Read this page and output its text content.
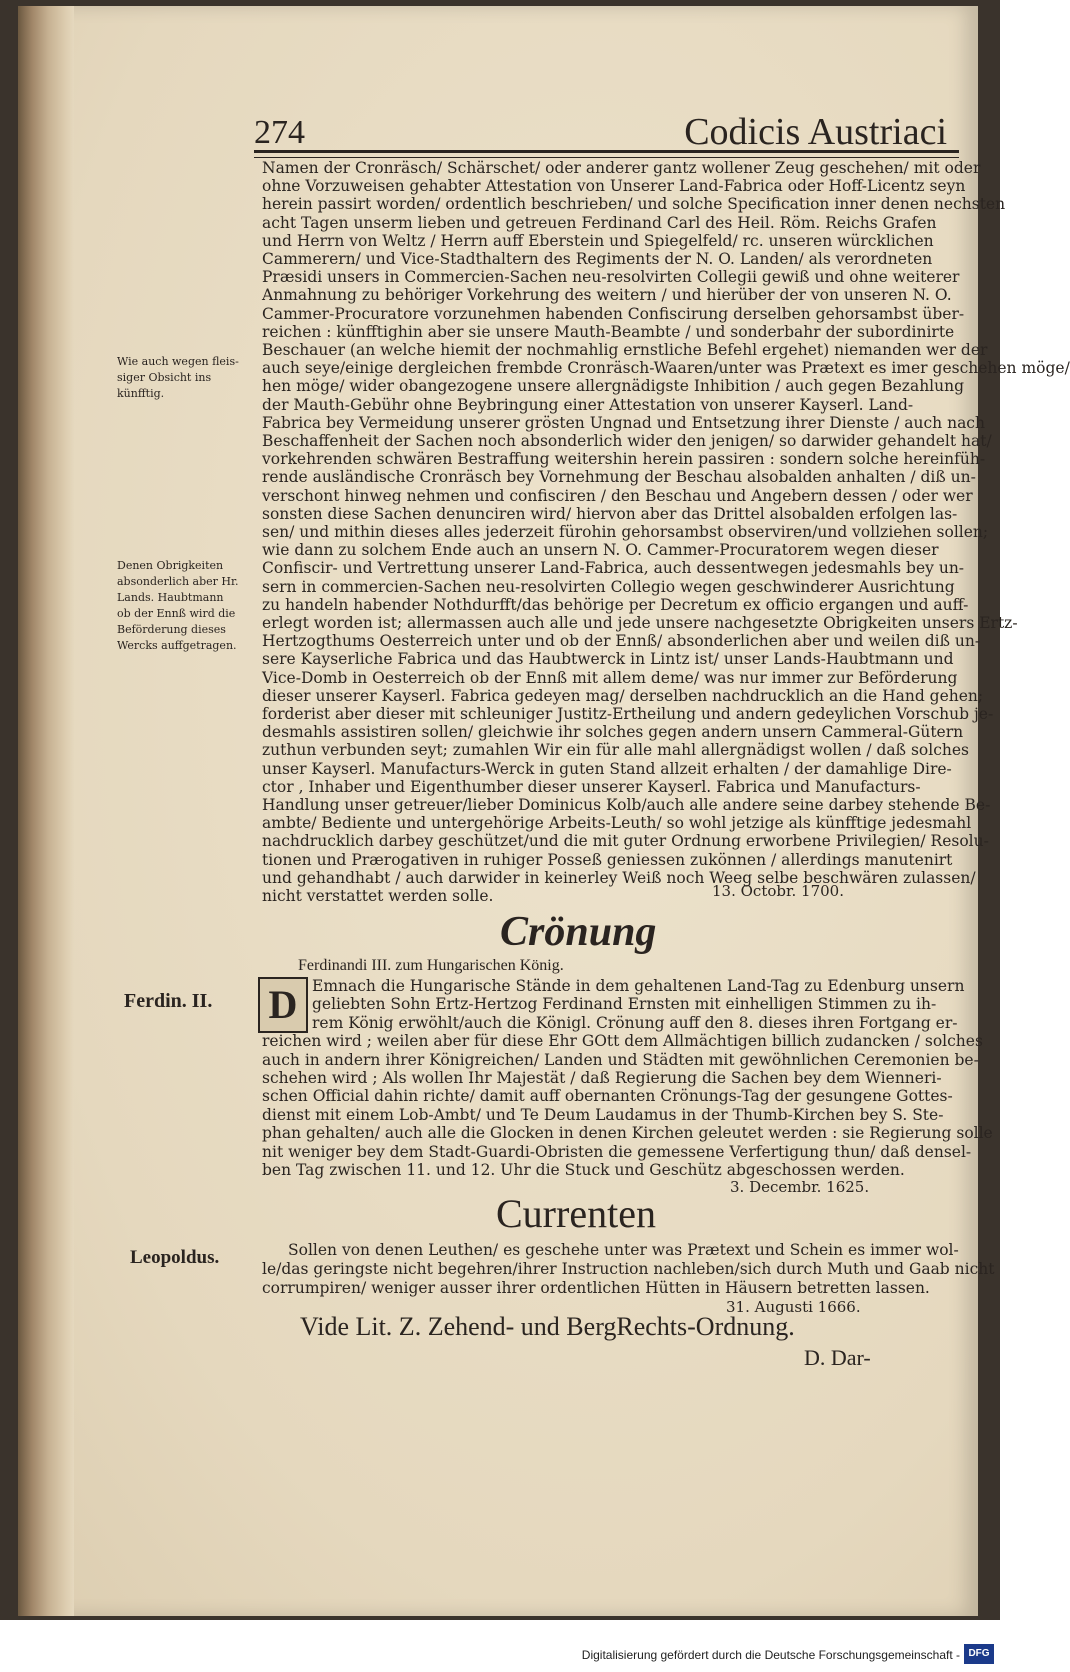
274	Codicis Austriaci
Namen der Cronräsch/ Schärschet/ oder anderer gantz wollener Zeug geschehen/ mit oder
ohne Vorzuweisen gehabter Attestation von Unserer Land-Fabrica oder Hoff-Licentz seyn
herein passirt worden/ ordentlich beschrieben/ und solche Specification inner denen nechsten
acht Tagen unserm lieben und getreuen Ferdinand Carl des Heil. Röm. Reichs Grafen
und Herrn von Weltz / Herrn auff Eberstein und Spiegelfeld/ rc. unseren würcklichen
Cammerern/ und Vice-Stadthaltern des Regiments der N. O. Landen/ als verordneten
Præsidi unsers in Commercien-Sachen neu-resolvirten Collegii gewiß und ohne weiterer
Anmahnung zu behöriger Vorkehrung des weitern / und hierüber der von unseren N. O.
Cammer-Procuratore vorzunehmen habenden Confiscirung derselben gehorsambst über-
reichen : künfftighin aber sie unsere Mauth-Beambte / und sonderbahr der subordinirte
Beschauer (an welche hiemit der nochmahlig ernstliche Befehl ergehet) niemanden wer der
auch seye/einige dergleichen frembde Cronräsch-Waaren/unter was Prætext es imer geschehen möge/
hen möge/ wider obangezogene unsere allergnädigste Inhibition / auch gegen Bezahlung
der Mauth-Gebühr ohne Beybringung einer Attestation von unserer Kayserl. Land-
Fabrica bey Vermeidung unserer grösten Ungnad und Entsetzung ihrer Dienste / auch nach
Beschaffenheit der Sachen noch absonderlich wider den jenigen/ so darwider gehandelt hat/
vorkehrenden schwären Bestraffung weitershin herein passiren : sondern solche hereinfüh-
rende ausländische Cronräsch bey Vornehmung der Beschau alsobalden anhalten / diß un-
verschont hinweg nehmen und confisciren / den Beschau und Angebern dessen / oder wer
sonsten diese Sachen denunciren wird/ hiervon aber das Drittel alsobalden erfolgen las-
sen/ und mithin dieses alles jederzeit fürohin gehorsambst observiren/und vollziehen sollen;
wie dann zu solchem Ende auch an unsern N. O. Cammer-Procuratorem wegen dieser
Confiscir- und Vertrettung unserer Land-Fabrica, auch dessentwegen jedesmahls bey un-
sern in commercien-Sachen neu-resolvirten Collegio wegen geschwinderer Ausrichtung
zu handeln habender Nothdurfft/das behörige per Decretum ex officio ergangen und auff-
erlegt worden ist; allermassen auch alle und jede unsere nachgesetzte Obrigkeiten unsers Ertz-
Hertzogthums Oesterreich unter und ob der Ennß/ absonderlichen aber und weilen diß un-
sere Kayserliche Fabrica und das Haubtwerck in Lintz ist/ unser Lands-Haubtmann und
Vice-Domb in Oesterreich ob der Ennß mit allem deme/ was nur immer zur Beförderung
dieser unserer Kayserl. Fabrica gedeyen mag/ derselben nachdrucklich an die Hand gehen;
forderist aber dieser mit schleuniger Justitz-Ertheilung und andern gedeylichen Vorschub je-
desmahls assistiren sollen/ gleichwie ihr solches gegen andern unsern Cammeral-Gütern
zuthun verbunden seyt; zumahlen Wir ein für alle mahl allergnädigst wollen / daß solches
unser Kayserl. Manufacturs-Werck in guten Stand allzeit erhalten / der damahlige Dire-
ctor , Inhaber und Eigenthumber dieser unserer Kayserl. Fabrica und Manufacturs-
Handlung unser getreuer/lieber Dominicus Kolb/auch alle andere seine darbey stehende Be-
ambte/ Bediente und untergehörige Arbeits-Leuth/ so wohl jetzige als künfftige jedesmahl
nachdrucklich darbey geschützet/und die mit guter Ordnung erworbene Privilegien/ Resolu-
tionen und Prærogativen in ruhiger Posseß geniessen zukönnen / allerdings manutenirt
und gehandhabt / auch darwider in keinerley Weiß noch Weeg selbe beschwären zulassen/
nicht verstattet werden solle.	13. Octobr. 1700.
Wie auch wegen fleis-
siger Obsicht ins
künfftig.
Denen Obrigkeiten
absonderlich aber Hr.
Lands. Haubtmann
ob der Ennß wird die
Beförderung dieses
Wercks auffgetragen.
Ferdin. II.
Leopoldus.
Crönung
Ferdinandi III. zum Hungarischen König.
D Emnach die Hungarische Stände in dem gehaltenen Land-Tag zu Edenburg unsern
geliebten Sohn Ertz-Hertzog Ferdinand Ernsten mit einhelligen Stimmen zu ih-
rem König erwöhlt/auch die Königl. Crönung auff den 8. dieses ihren Fortgang er-
reichen wird ; weilen aber für diese Ehr GOtt dem Allmächtigen billich zudancken / solches
auch in andern ihrer Königreichen/ Landen und Städten mit gewöhnlichen Ceremonien be-
schehen wird ; Als wollen Ihr Majestät / daß Regierung die Sachen bey dem Wienneri-
schen Official dahin richte/ damit auff obernanten Crönungs-Tag der gesungene Gottes-
dienst mit einem Lob-Ambt/ und Te Deum Laudamus in der Thumb-Kirchen bey S. Ste-
phan gehalten/ auch alle die Glocken in denen Kirchen geleutet werden : sie Regierung solle
nit weniger bey dem Stadt-Guardi-Obristen die gemessene Verfertigung thun/ daß densel-
ben Tag zwischen 11. und 12. Uhr die Stuck und Geschütz abgeschossen werden.
3. Decembr. 1625.
Currenten
Sollen von denen Leuthen/ es geschehe unter was Prætext und Schein es immer wol-
le/das geringste nicht begehren/ihrer Instruction nachleben/sich durch Muth und Gaab nicht
corrumpiren/ weniger ausser ihrer ordentlichen Hütten in Häusern betretten lassen.
31. Augusti 1666.
Vide Lit. Z. Zehend- und BergRechts-Ordnung.
D. Dar-
Digitalisierung gefördert durch die Deutsche Forschungsgemeinschaft - DFG
